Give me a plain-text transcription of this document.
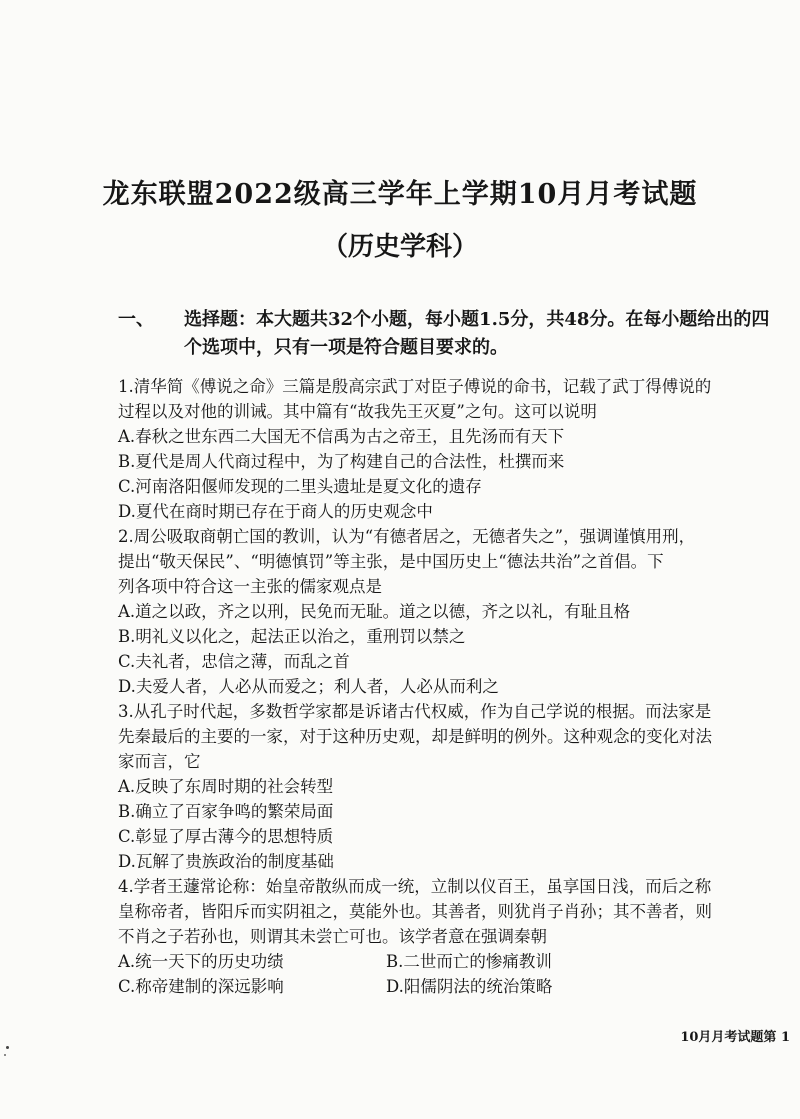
龙东联盟2022级高三学年上学期10月月考试题
（历史学科）
一、 选择题：本大题共32个小题，每小题1.5分，共48分。在每小题给出的四
个选项中，只有一项是符合题目要求的。
1.清华简《傅说之命》三篇是殷高宗武丁对臣子傅说的命书，记载了武丁得傅说的
过程以及对他的训诫。其中篇有“故我先王灭夏”之句。这可以说明
A.春秋之世东西二大国无不信禹为古之帝王，且先汤而有天下
B.夏代是周人代商过程中，为了构建自己的合法性，杜撰而来
C.河南洛阳偃师发现的二里头遗址是夏文化的遗存
D.夏代在商时期已存在于商人的历史观念中
2.周公吸取商朝亡国的教训，认为“有德者居之，无德者失之”，强调谨慎用刑，
提出“敬天保民”、“明德慎罚”等主张，是中国历史上“德法共治”之首倡。下
列各项中符合这一主张的儒家观点是
A.道之以政，齐之以刑，民免而无耻。道之以德，齐之以礼，有耻且格
B.明礼义以化之，起法正以治之，重刑罚以禁之
C.夫礼者，忠信之薄，而乱之首
D.夫爱人者，人必从而爱之；利人者，人必从而利之
3.从孔子时代起，多数哲学家都是诉诸古代权威，作为自己学说的根据。而法家是
先秦最后的主要的一家，对于这种历史观，却是鲜明的例外。这种观念的变化对法
家而言，它
A.反映了东周时期的社会转型
B.确立了百家争鸣的繁荣局面
C.彰显了厚古薄今的思想特质
D.瓦解了贵族政治的制度基础
4.学者王蘧常论称：始皇帝散纵而成一统，立制以仪百王，虽享国日浅，而后之称
皇称帝者，皆阳斥而实阴祖之，莫能外也。其善者，则犹肖子肖孙；其不善者，则
不肖之子若孙也，则谓其未尝亡可也。该学者意在强调秦朝
A.统一天下的历史功绩	B.二世而亡的惨痛教训
C.称帝建制的深远影响	D.阳儒阴法的统治策略
10月月考试题第 1
